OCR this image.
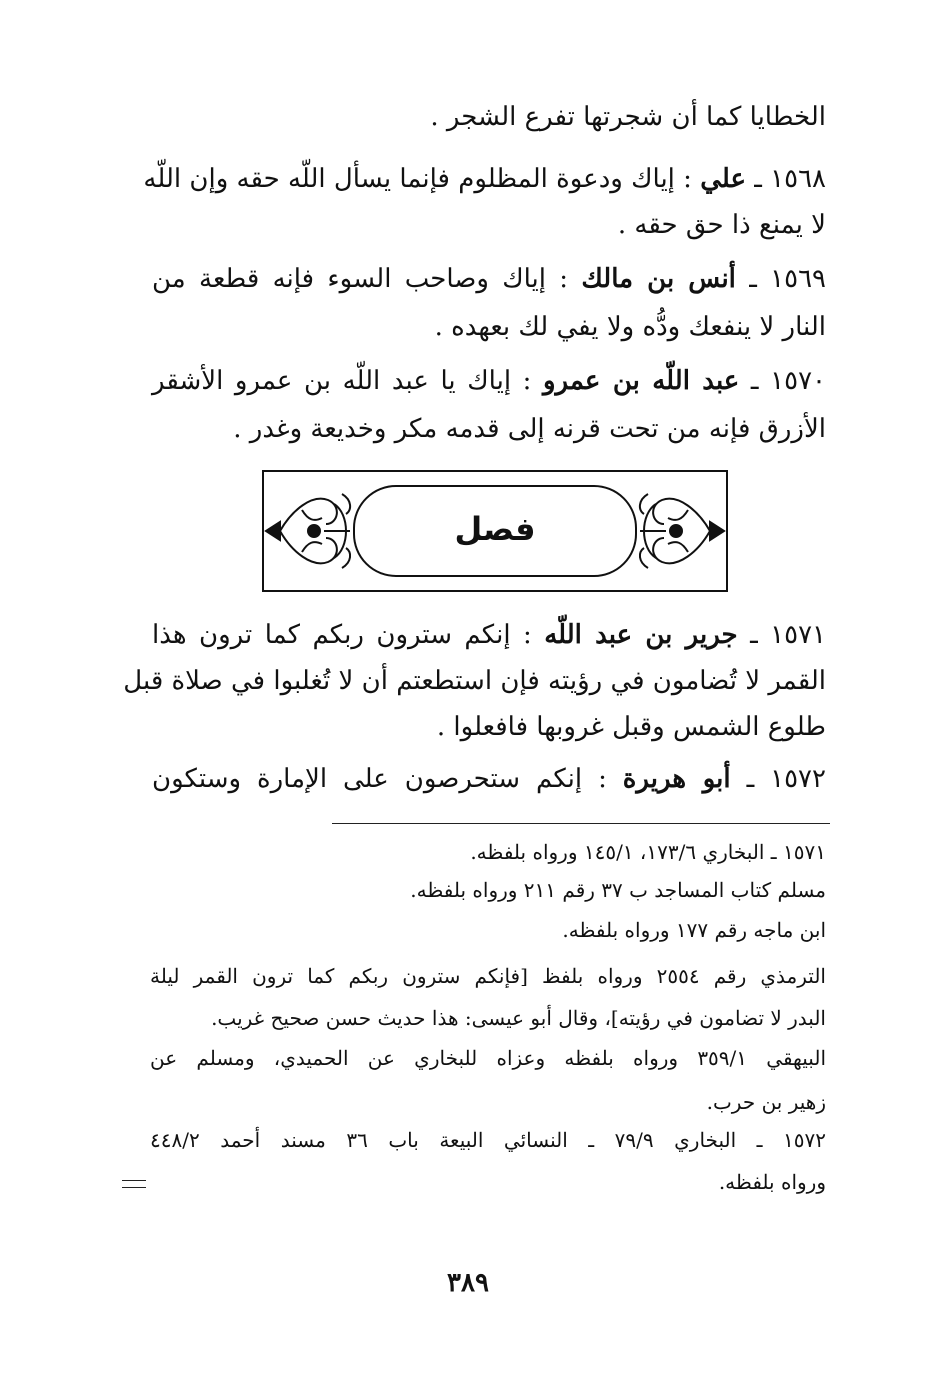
الخطايا كما أن شجرتها تفرع الشجر .
١٥٦٨ ـ علي : إياك ودعوة المظلوم فإنما يسأل اللّه حقه وإن اللّه
لا يمنع ذا حق حقه .
١٥٦٩ ـ أنس بن مالك : إياك وصاحب السوء فإنه قطعة من
النار لا ينفعك ودُّه ولا يفي لك بعهده .
١٥٧٠ ـ عبد اللّه بن عمرو : إياك يا عبد اللّه بن عمرو الأشقر
الأزرق فإنه من تحت قرنه إلى قدمه مكر وخديعة وغدر .
فصل
١٥٧١ ـ جرير بن عبد اللّه : إنكم سترون ربكم كما ترون هذا
القمر لا تُضامون في رؤيته فإن استطعتم أن لا تُغلبوا في صلاة قبل
طلوع الشمس وقبل غروبها فافعلوا .
١٥٧٢ ـ أبو هريرة : إنكم ستحرصون على الإمارة وستكون
١٥٧١ ـ البخاري ١٧٣/٦، ١٤٥/١ ورواه بلفظه.
مسلم كتاب المساجد ب ٣٧ رقم ٢١١ ورواه بلفظه.
ابن ماجه رقم ١٧٧ ورواه بلفظه.
الترمذي رقم ٢٥٥٤ ورواه بلفظ [فإنكم سترون ربكم كما ترون القمر ليلة
البدر لا تضامون في رؤيته]، وقال أبو عيسى: هذا حديث حسن صحيح غريب.
البيهقي ٣٥٩/١ ورواه بلفظه وعزاه للبخاري عن الحميدي، ومسلم عن
زهير بن حرب.
١٥٧٢ ـ البخاري ٧٩/٩ ـ النسائي البيعة باب ٣٦ مسند أحمد ٤٤٨/٢
ورواه بلفظه.
٣٨٩
